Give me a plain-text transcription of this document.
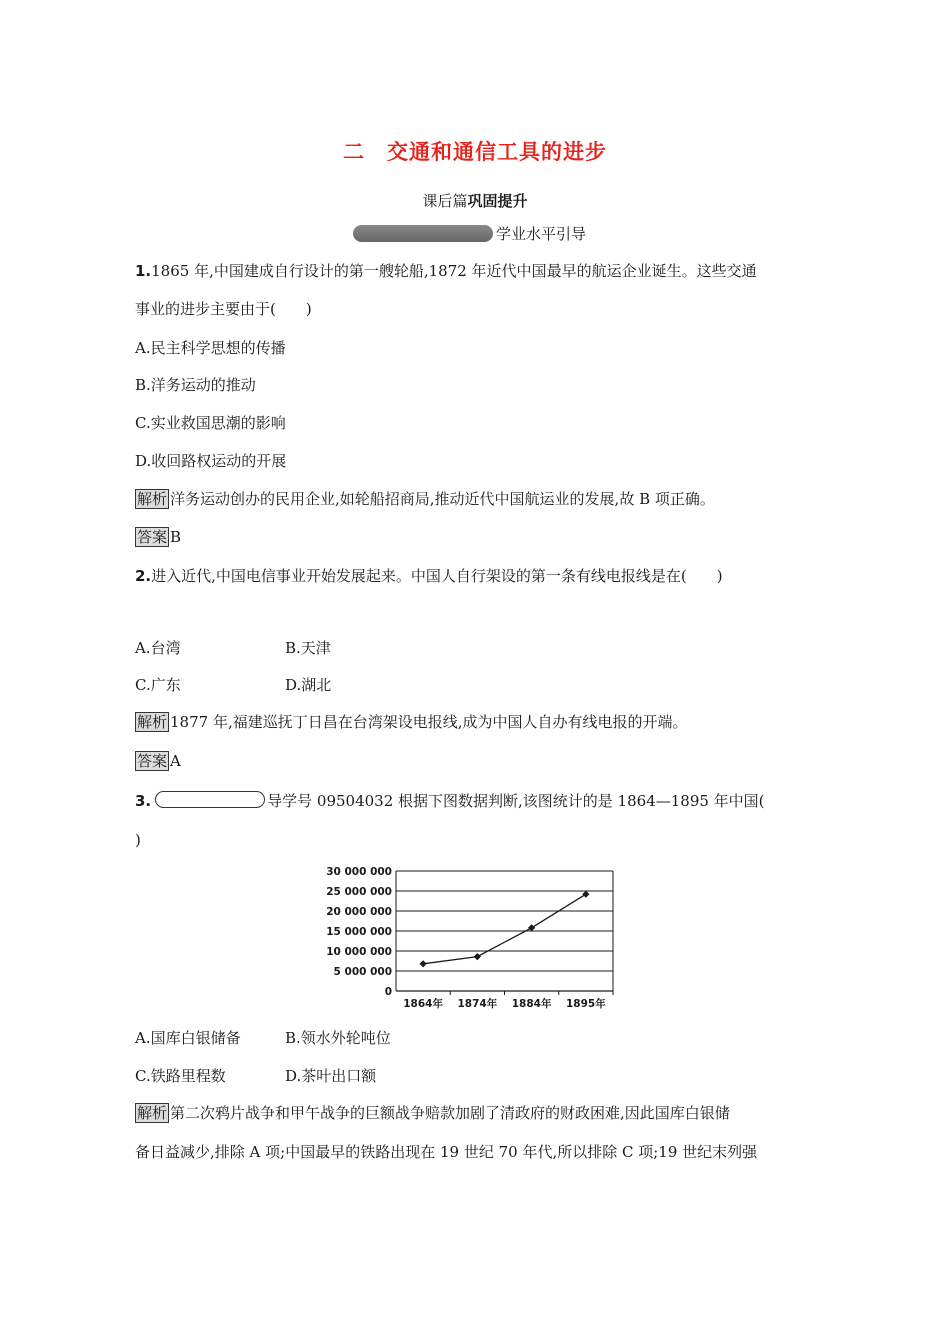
二 交通和通信工具的进步
课后篇巩固提升
学业水平引导
1.1865 年,中国建成自行设计的第一艘轮船,1872 年近代中国最早的航运企业诞生。这些交通
事业的进步主要由于(　　)
A.民主科学思想的传播
B.洋务运动的推动
C.实业救国思潮的影响
D.收回路权运动的开展
解析 洋务运动创办的民用企业,如轮船招商局,推动近代中国航运业的发展,故 B 项正确。
答案 B
2.进入近代,中国电信事业开始发展起来。中国人自行架设的第一条有线电报线是在(　　)
A.台湾	B.天津
C.广东	D.湖北
解析 1877 年,福建巡抚丁日昌在台湾架设电报线,成为中国人自办有线电报的开端。
答案 A
3.	导学号 09504032 根据下图数据判断,该图统计的是 1864—1895 年中国(
)
30 000 000
25 000 000
20 000 000
15 000 000
10 000 000
5 000 000
0
1864年 1874年 1884年 1895年
A.国库白银储备	B.领水外轮吨位
C.铁路里程数	D.茶叶出口额
解析 第二次鸦片战争和甲午战争的巨额战争赔款加剧了清政府的财政困难,因此国库白银储
备日益减少,排除 A 项;中国最早的铁路出现在 19 世纪 70 年代,所以排除 C 项;19 世纪末列强
